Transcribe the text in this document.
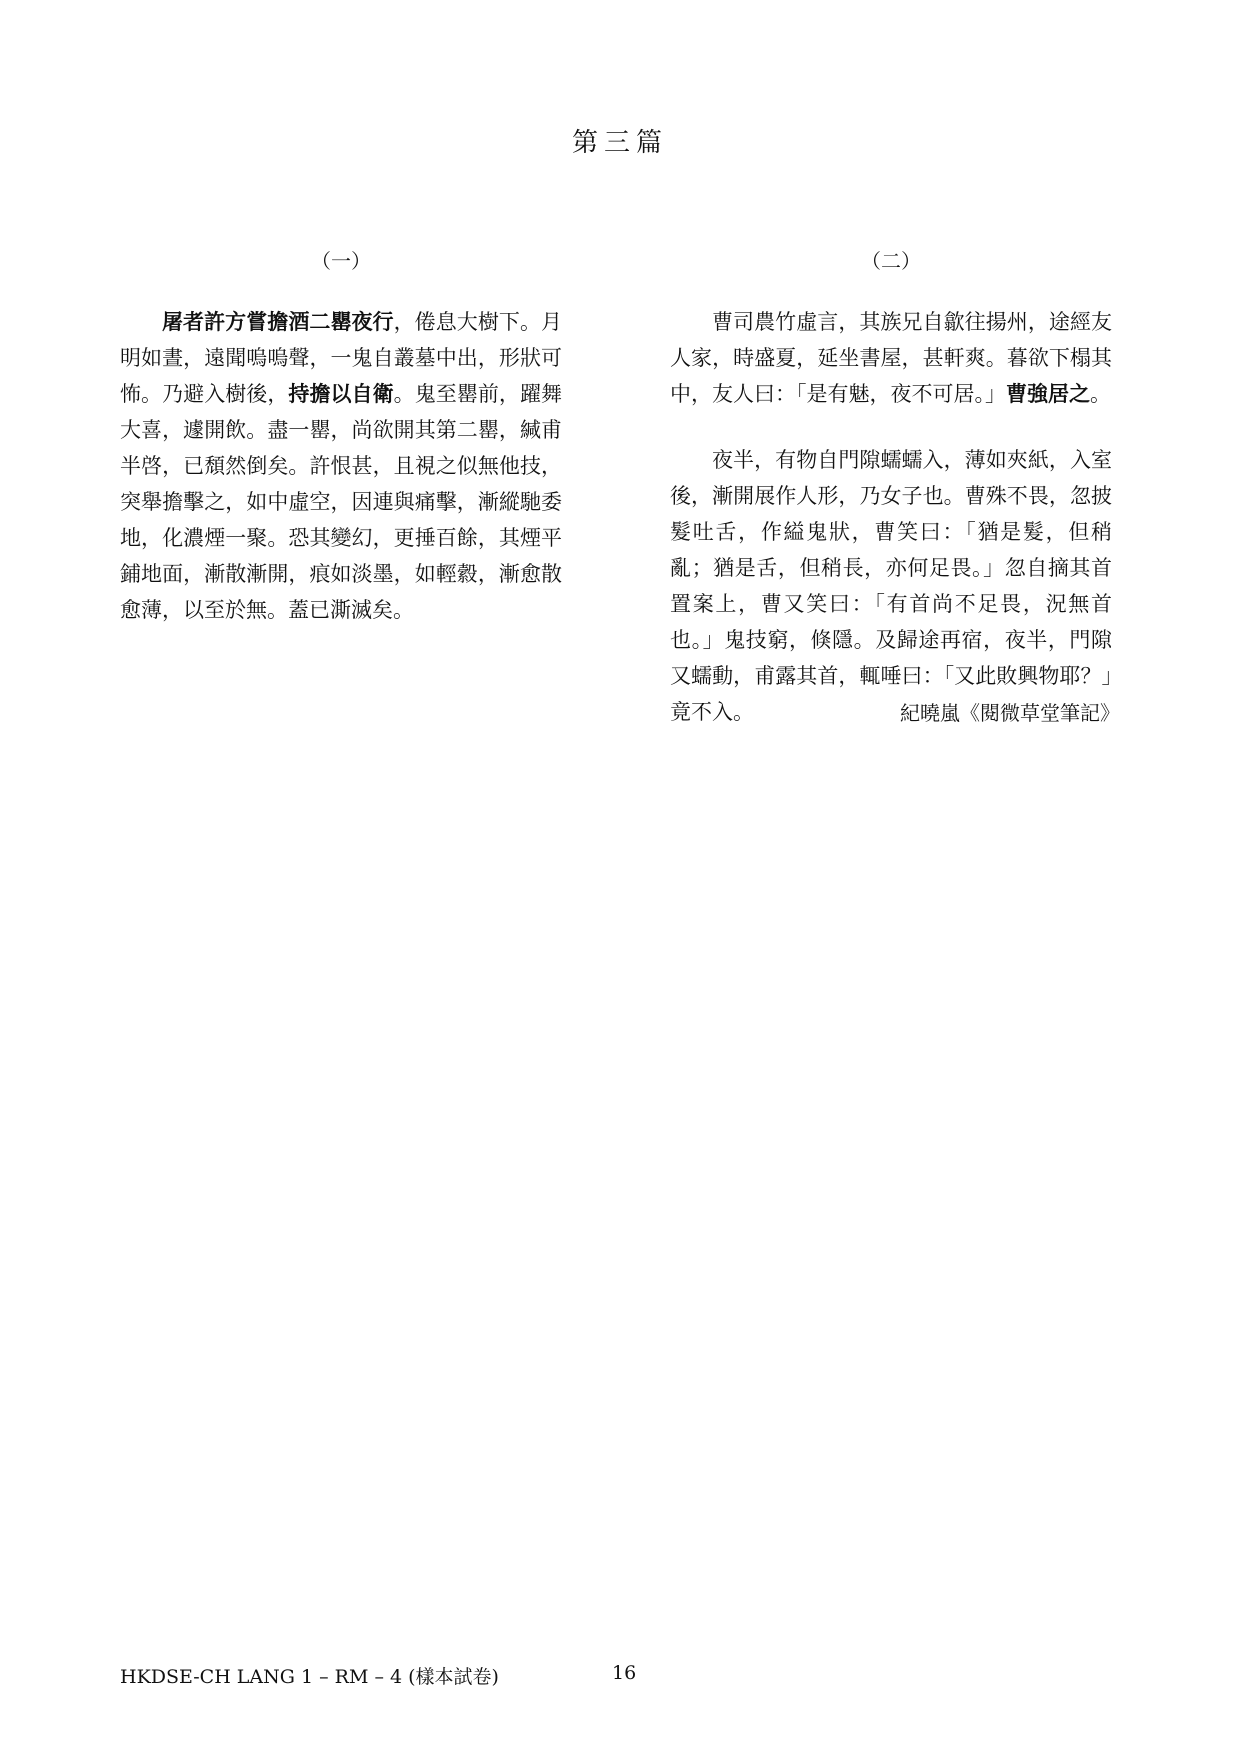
第三篇
（一）

屠者許方嘗擔酒二罌夜行，倦息大樹下。月明如晝，遠聞嗚嗚聲，一鬼自叢墓中出，形狀可怖。乃避入樹後，持擔以自衛。鬼至罌前，躍舞大喜，遽開飲。盡一罌，尚欲開其第二罌，緘甫半啓，已頹然倒矣。許恨甚，且視之似無他技，突舉擔擊之，如中虛空，因連與痛擊，漸縱馳委地，化濃煙一聚。恐其變幻，更捶百餘，其煙平鋪地面，漸散漸開，痕如淡墨，如輕縠，漸愈散愈薄，以至於無。蓋已澌滅矣。

（二）

曹司農竹虛言，其族兄自歙往揚州，途經友人家，時盛夏，延坐書屋，甚軒爽。暮欲下榻其中，友人曰：「是有魅，夜不可居。」曹強居之。

夜半，有物自門隙蠕蠕入，薄如夾紙，入室後，漸開展作人形，乃女子也。曹殊不畏，忽披髮吐舌，作縊鬼狀，曹笑曰：「猶是髮，但稍亂；猶是舌，但稍長，亦何足畏。」忽自摘其首置案上，曹又笑曰：「有首尚不足畏，況無首也。」鬼技窮，倏隱。及歸途再宿，夜半，門隙又蠕動，甫露其首，輒唾曰：「又此敗興物耶？」竟不入。	紀曉嵐《閱微草堂筆記》
HKDSE-CH LANG 1 – RM – 4 (樣本試卷)	16
